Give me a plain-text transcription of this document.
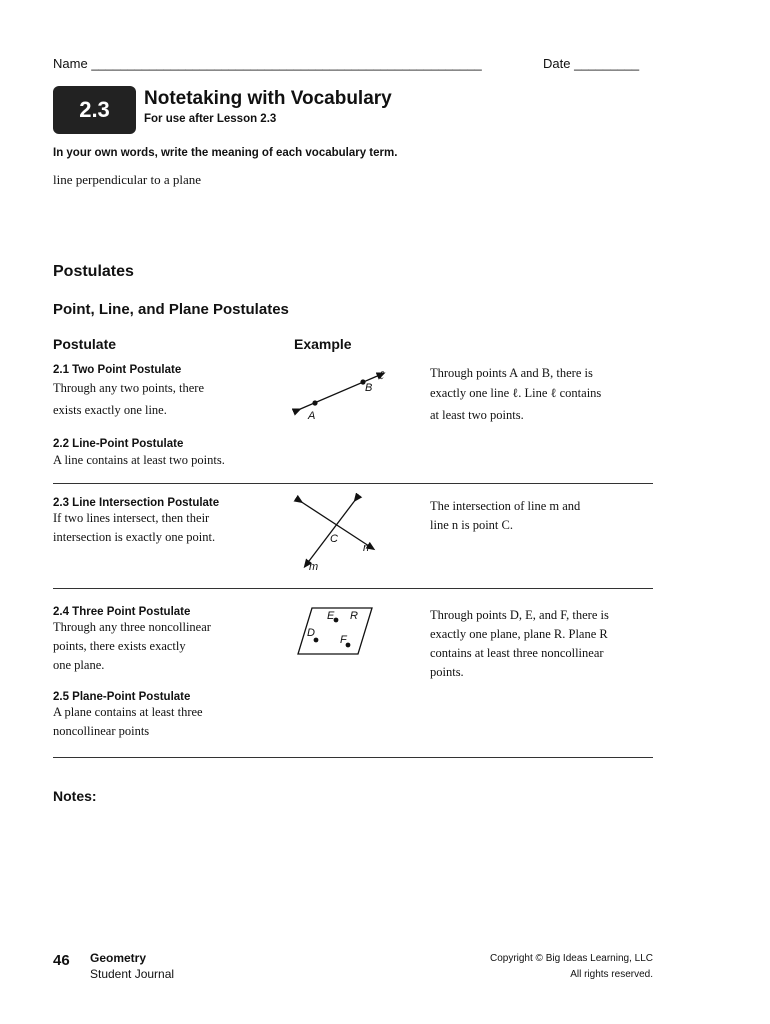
Name ______________________________________________________	Date _________
2.3	Notetaking with Vocabulary
For use after Lesson 2.3
In your own words, write the meaning of each vocabulary term.
line perpendicular to a plane
Postulates
Point, Line, and Plane Postulates
Postulate	Example
2.1 Two Point Postulate
Through any two points, there
exists exactly one line.	A
B
ℓ	Through points A and B, there is
exactly one line ℓ. Line ℓ contains
at least two points.
2.2 Line-Point Postulate
A line contains at least two points.
2.3 Line Intersection Postulate
If two lines intersect, then their
intersection is exactly one point.	C
n
m
The intersection of line m and
line n is point C.
2.4 Three Point Postulate
Through any three noncollinear
points, there exists exactly
one plane.
E R
D
F
Through points D, E, and F, there is
exactly one plane, plane R. Plane R
contains at least three noncollinear
points.
2.5 Plane-Point Postulate
A plane contains at least three
noncollinear points
Notes:
46 Geometry
Student Journal
Copyright © Big Ideas Learning, LLC
All rights reserved.
